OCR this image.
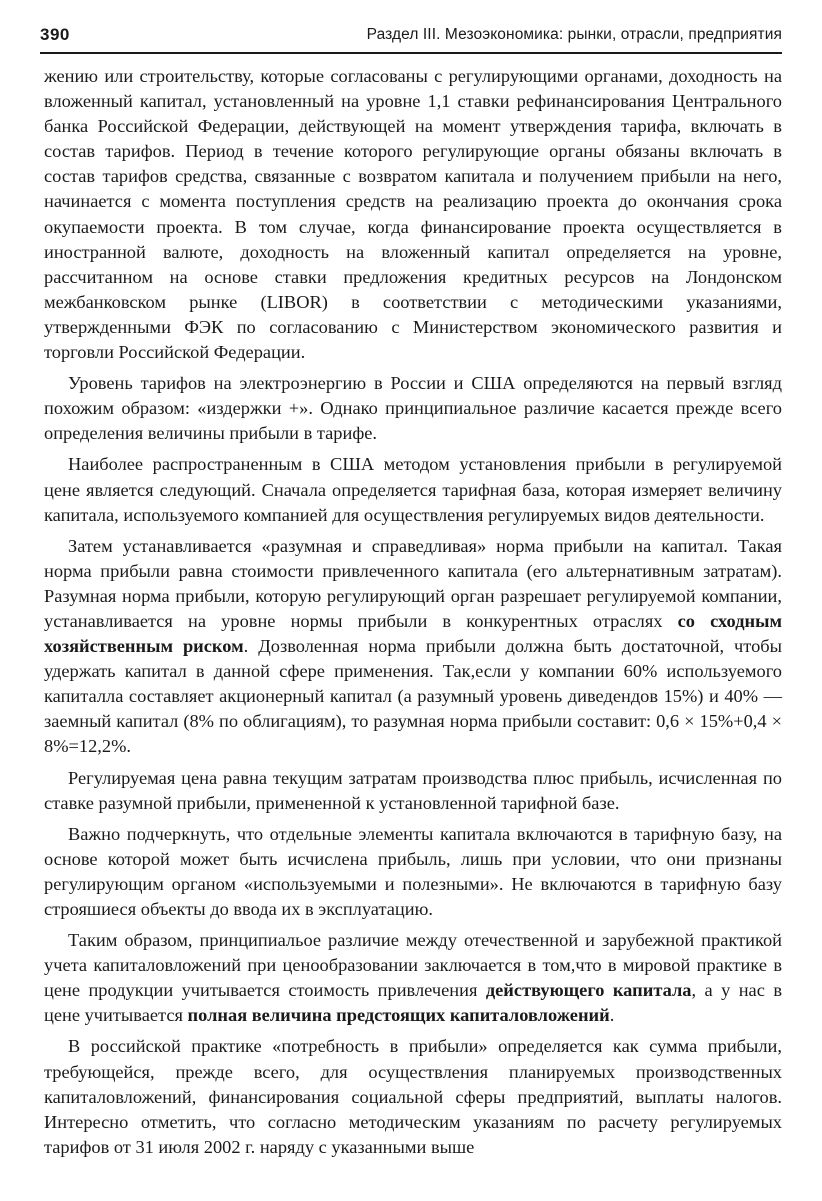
390	Раздел III. Мезоэкономика: рынки, отрасли, предприятия

жению или строительству, которые согласованы с регулирующими органами, доходность на вложенный капитал, установленный на уровне 1,1 ставки рефинансирования Центрального банка Российской Федерации, действующей на момент утверждения тарифа, включать в состав тарифов. Период в течение которого регулирующие органы обязаны включать в состав тарифов средства, связанные с возвратом капитала и получением прибыли на него, начинается с момента поступления средств на реализацию проекта до окончания срока окупаемости проекта. В том случае, когда финансирование проекта осуществляется в иностранной валюте, доходность на вложенный капитал определяется на уровне, рассчитанном на основе ставки предложения кредитных ресурсов на Лондонском межбанковском рынке (LIBOR) в соответствии с методическими указаниями, утвержденными ФЭК по согласованию с Министерством экономического развития и торговли Российской Федерации.

Уровень тарифов на электроэнергию в России и США определяются на первый взгляд похожим образом: «издержки +». Однако принципиальное различие касается прежде всего определения величины прибыли в тарифе.

Наиболее распространенным в США методом установления прибыли в регулируемой цене является следующий. Сначала определяется тарифная база, которая измеряет величину капитала, используемого компанией для осуществления регулируемых видов деятельности.

Затем устанавливается «разумная и справедливая» норма прибыли на капитал. Такая норма прибыли равна стоимости привлеченного капитала (его альтернативным затратам). Разумная норма прибыли, которую регулирующий орган разрешает регулируемой компании, устанавливается на уровне нормы прибыли в конкурентных отраслях со сходным хозяйственным риском. Дозволенная норма прибыли должна быть достаточной, чтобы удержать капитал в данной сфере применения. Так,если у компании 60% используемого капиталла составляет акционерный капитал (а разумный уровень диведендов 15%) и 40% — заемный капитал (8% по облигациям), то разумная норма прибыли составит: 0,6 × 15%+0,4 × 8%=12,2%.

Регулируемая цена равна текущим затратам производства плюс прибыль, исчисленная по ставке разумной прибыли, примененной к установленной тарифной базе.

Важно подчеркнуть, что отдельные элементы капитала включаются в тарифную базу, на основе которой может быть исчислена прибыль, лишь при условии, что они признаны регулирующим органом «используемыми и полезными». Не включаются в тарифную базу строяшиеся объекты до ввода их в эксплуатацию.

Таким образом, принципиальое различие между отечественной и зарубежной практикой учета капиталовложений при ценообразовании заключается в том,что в мировой практике в цене продукции учитывается стоимость привлечения действующего капитала, а у нас в цене учитывается полная величина предстоящих капиталовложений.

В российской практике «потребность в прибыли» определяется как сумма прибыли, требующейся, прежде всего, для осуществления планируемых производственных капиталовложений, финансирования социальной сферы предприятий, выплаты налогов. Интересно отметить, что согласно методическим указаниям по расчету регулируемых тарифов от 31 июля 2002 г. наряду с указанными выше
